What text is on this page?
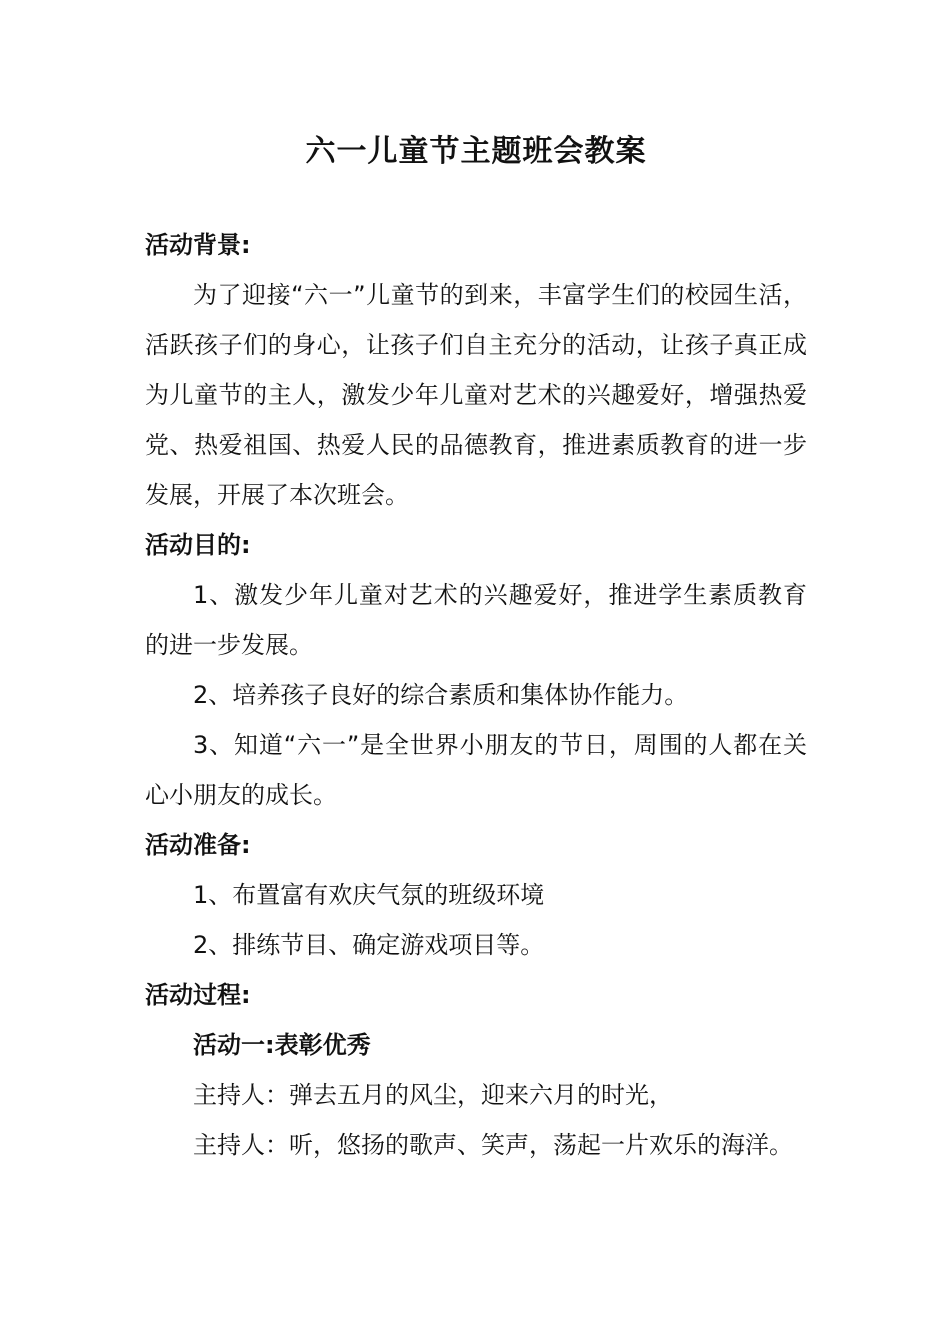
六一儿童节主题班会教案
活动背景:

为了迎接“六一”儿童节的到来，丰富学生们的校园生活，活跃孩子们的身心，让孩子们自主充分的活动，让孩子真正成为儿童节的主人，激发少年儿童对艺术的兴趣爱好，增强热爱党、热爱祖国、热爱人民的品德教育，推进素质教育的进一步发展，开展了本次班会。

活动目的:

1、激发少年儿童对艺术的兴趣爱好，推进学生素质教育的进一步发展。

2、培养孩子良好的综合素质和集体协作能力。

3、知道“六一”是全世界小朋友的节日，周围的人都在关心小朋友的成长。

活动准备:

1、布置富有欢庆气氛的班级环境

2、排练节目、确定游戏项目等。

活动过程:
活动一:表彰优秀

主持人：弹去五月的风尘，迎来六月的时光，

主持人：听，悠扬的歌声、笑声，荡起一片欢乐的海洋。
